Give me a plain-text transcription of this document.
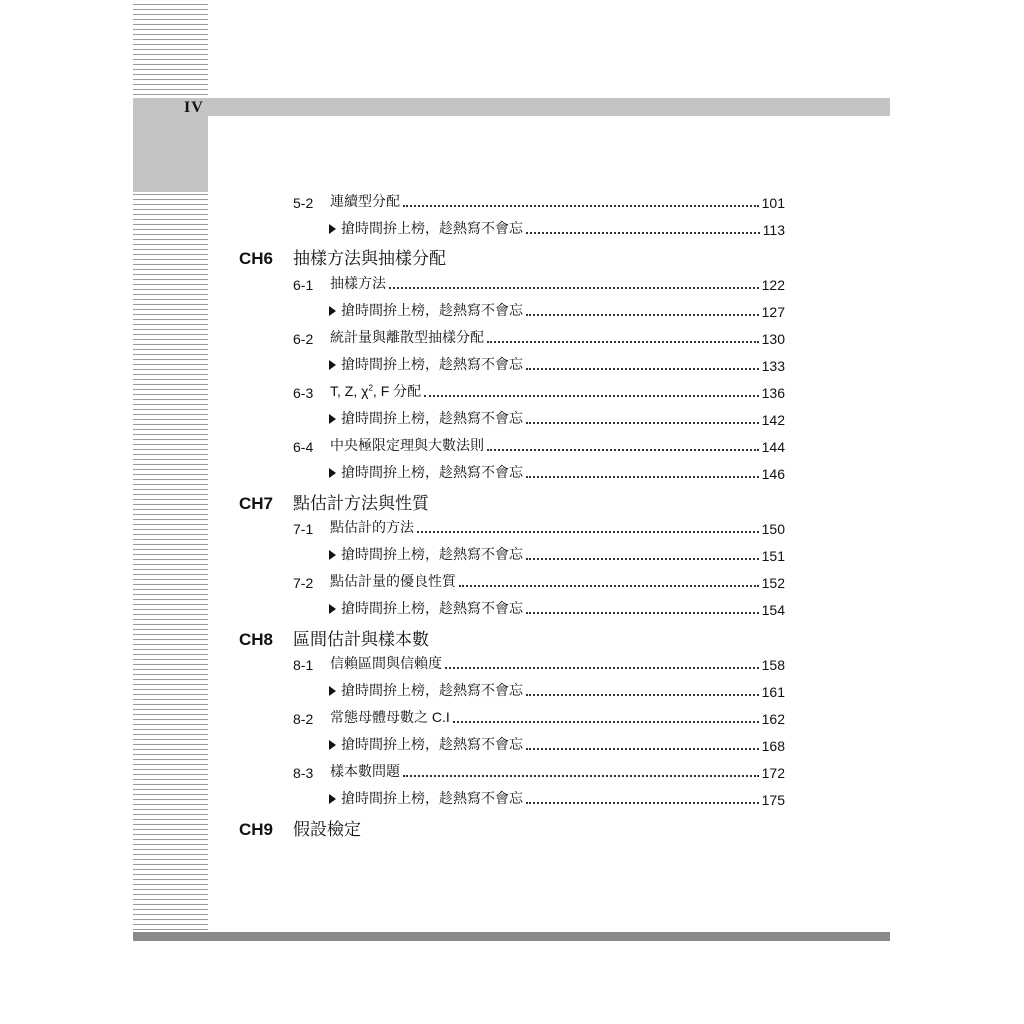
IV
5-2	連續型分配	101
搶時間拚上榜，趁熱寫不會忘	113
CH6	抽樣方法與抽樣分配
6-1	抽樣方法	122
搶時間拚上榜，趁熱寫不會忘	127
6-2	統計量與離散型抽樣分配	130
搶時間拚上榜，趁熱寫不會忘	133
6-3	T, Z, $\chi^2$, F 分配	136
搶時間拚上榜，趁熱寫不會忘	142
6-4	中央極限定理與大數法則	144
搶時間拚上榜，趁熱寫不會忘	146
CH7	點估計方法與性質
7-1	點估計的方法	150
搶時間拚上榜，趁熱寫不會忘	151
7-2	點估計量的優良性質	152
搶時間拚上榜，趁熱寫不會忘	154
CH8	區間估計與樣本數
8-1	信賴區間與信賴度	158
搶時間拚上榜，趁熱寫不會忘	161
8-2	常態母體母數之 C.I	162
搶時間拚上榜，趁熱寫不會忘	168
8-3	樣本數問題	172
搶時間拚上榜，趁熱寫不會忘	175
CH9	假設檢定
